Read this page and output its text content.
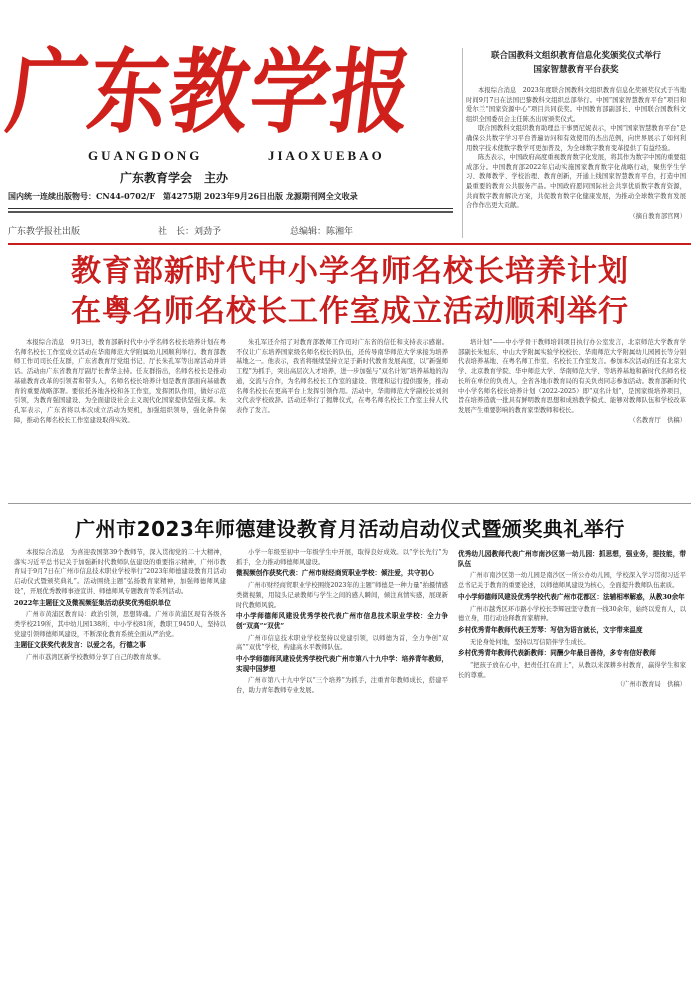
广东教学报
GUANGDONG	JIAOXUEBAO
广东教育学会　主办
国内统一连续出版物号：CN44-0702/F　第4275期 2023年9月26日出版 龙源期刊网全文收录
广东教学报社出版	社　长：刘劲予	总编辑：陈湘年
联合国教科文组织教育信息化奖颁奖仪式举行
国家智慧教育平台获奖

本报综合消息　2023年度联合国教科文组织教育信息化奖颁奖仪式于当地时间9月7日在法国巴黎教科文组织总部举行。中国“国家智慧教育平台”项目和爱尔兰“国家资源中心”项目共同获奖。中国教育部副部长、中国联合国教科文组织全国委员会主任陈杰出席颁奖仪式。

联合国教科文组织教育助理总干事贾尼妮表示，中国“国家智慧教育平台”是确保公共数字学习平台普遍访问和有效使用的杰出范例，向世界展示了如何利用数字技术使数字教学可更加普及，为全球数字教育变革提供了有益经验。

陈杰表示，中国政府高度重视教育数字化发展，将其作为数字中国的重要组成部分。中国教育部2022年启动实施国家教育数字化战略行动，聚焦学生学习、教师教学、学校治理、教育创新，开通上线国家智慧教育平台，打造中国最重要的教育公共服务产品。中国政府愿同国际社会共享优质数字教育资源，共商数字教育解决方案，共促教育数字化健康发展，为推动全球数字教育发展合作作出更大贡献。

（摘自教育部官网）
教育部新时代中小学名师名校长培养计划
在粤名师名校长工作室成立活动顺利举行

本报综合消息　9月3日，教育部新时代中小学名师名校长培养计划在粤名师名校长工作室成立活动在华南师范大学附属幼儿园顺利举行。教育部教师工作司司长任友群，广东省教育厅党组书记、厅长朱孔军等出席活动并讲话。活动由广东省教育厅副厅长曹华主持。任友群指出，名师名校长是推动基础教育改革的引领者和带头人，名师名校长培养计划是教育部面向基础教育的重要战略部署。要依托各地各校和各工作室，发挥团队作用，做好示范引领，为教育强国建设、为全面建设社会主义现代化国家提供坚强支撑。朱孔军表示，广东省将以本次成立活动为契机，加强组织领导，强化条件保障，推动名师名校长工作室建设取得实效。

朱孔军还介绍了对教育部教师工作司对广东省的信任和支持表示感谢。不仅让广东培养国家级名师名校长的队伍，还传导南华师范大学承接为培养基地之一。他表示，我省将继续坚持立足于新时代教育发展高度，以“新强师工程”为抓手，突出高层次人才培养，进一步加强与“双名计划”培养基地的沟通，交流与合作，为名师名校长工作室的建设、管理和运行提供服务，推动名师名校长在更高平台上发挥引领作用。活动中，华南师范大学副校长刘剑文代表学校致辞。活动还举行了揭牌仪式，在粤名师名校长工作室主持人代表作了发言。

培计划”——中小学骨干教师培训项目执行办公室发言，北京师范大学教育学部副长朱旭东、中山大学附属实验学校校长、华南师范大学附属幼儿园园长等分别代表培养基地、在粤名师工作室、名校长工作室发言。参加本次活动的还有北京大学、北京教育学院、华中师范大学、华南师范大学、等培养基地和新时代名师名校长所在单位的负责人，全省各地市教育局的有关负责同志参加活动。教育部新时代中小学名师名校长培养计划（2022-2025）即“双名计划”，是国家级培养项目，旨在培养造就一批具有鲜明教育思想和成熟教学模式、能够对教师队伍和学校改革发展产生重要影响的教育家型教师和校长。

（名教育厅　供稿）
广州市2023年师德建设教育月活动启动仪式暨颁奖典礼举行

本报综合消息　为喜迎我国第39个教师节，深入贯彻党的二十大精神，落实习近平总书记关于加强新时代教师队伍建设的重要指示精神，广州市教育局于9月7日在广州市信息技术职业学校举行“2023年师德建设教育月活动启动仪式暨颁奖典礼”。活动围绕主题“弘扬教育家精神，加强师德师风建设”，开展优秀教师事迹宣讲、师德师风专题教育等系列活动。

2022年主题征文及微视频征集活动获奖优秀组织单位

广州市黄浦区教育局：政治引领，思想铸魂。广州市黄浦区现有各级各类学校219所，其中幼儿园138所、中小学校81所，教职工9450人，坚持以党建引领师德师风建设，不断深化教育系统全面从严治党。

主题征文获奖代表发言：以爱之名，行德之事

广州市荔湾区新学校教师分享了自己的教育故事。

小学一年级至初中一年级学生中开展，取得良好成效。以“学长先行”为抓手，全力推动师德师风建设。

微视频创作获奖代表：广州市财经商贸职业学校：倾注爱，共守初心

广州市财经商贸职业学校围绕2023年的主题“师德是一种力量”拍摄情感类微视频，用镜头记录教师与学生之间的感人瞬间，倾注真情实感，展现新时代教师风貌。

中小学师德师风建设优秀学校代表广州市信息技术职业学校：全力争创“双高”“双优”

广州市信息技术职业学校坚持以党建引领，以师德为首，全力争创“双高”“双优”学校，构建高水平教师队伍。

中小学师德师风建设优秀学校代表广州市第八十九中学：培养青年教师，实现中国梦想

广州市第八十九中学以“三个培养”为抓手，注重青年教师成长，搭建平台，助力青年教师专业发展。

优秀幼儿园教师代表广州市南沙区第一幼儿园：抓思想，强业务，提技能，带队伍

广州市南沙区第一幼儿园是南沙区一所公办幼儿园，学校深入学习贯彻习近平总书记关于教育的重要论述，以师德师风建设为核心，全面提升教师队伍素质。

中小学师德师风建设优秀学校代表广州市花都区：法辅相率解惑，从教30余年

广州市越秀区环市路小学校长李辉冠坚守教育一线30余年，始终以爱育人，以德立身，用行动诠释教育家精神。

乡村优秀青年教师代表王芳琴：写信为语言就长，文宇带来温度

无论身处何地，坚持以写信陪伴学生成长。

乡村优秀青年教师代表新教师：同酬少年最目善待，多专有信好教师

“把孩子放在心中，把责任扛在肩上”，从教以来深耕乡村教育，赢得学生和家长的尊重。

（广州市教育局　供稿）
